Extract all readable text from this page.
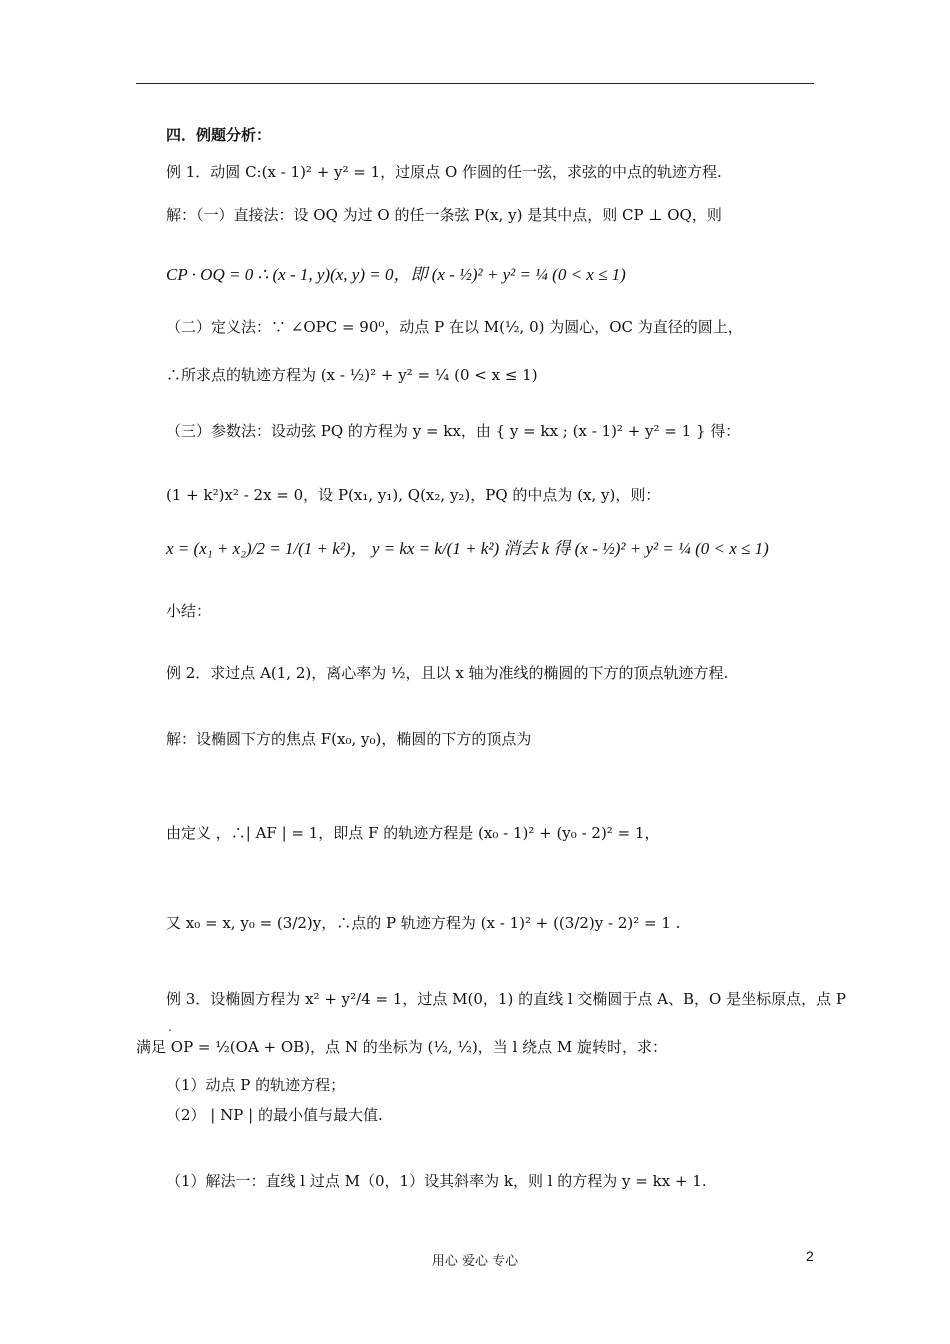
四．例题分析：
例 1．动圆 C:(x - 1)² + y² = 1，过原点 O 作圆的任一弦，求弦的中点的轨迹方程.
解：（一）直接法：设 OQ 为过 O 的任一条弦 P(x, y) 是其中点，则 CP ⊥ OQ，则
CP · OQ = 0 ∴ (x - 1, y)(x, y) = 0，即 (x - ½)² + y² = ¼ (0 < x ≤ 1)
（二）定义法：∵ ∠OPC = 90⁰，动点 P 在以 M(½, 0) 为圆心，OC 为直径的圆上，
∴所求点的轨迹方程为 (x - ½)² + y² = ¼ (0 < x ≤ 1)
（三）参数法：设动弦 PQ 的方程为 y = kx，由 { y = kx ; (x - 1)² + y² = 1 } 得：
(1 + k²)x² - 2x = 0，设 P(x₁, y₁), Q(x₂, y₂)，PQ 的中点为 (x, y)，则：
x = (x₁ + x₂)/2 = 1/(1 + k²)， y = kx = k/(1 + k²) 消去 k 得 (x - ½)² + y² = ¼ (0 < x ≤ 1)
小结：
例 2．求过点 A(1, 2)，离心率为 ½，且以 x 轴为准线的椭圆的下方的顶点轨迹方程.
解：设椭圆下方的焦点 F(x₀, y₀)，椭圆的下方的顶点为
由定义 ，∴| AF | = 1，即点 F 的轨迹方程是 (x₀ - 1)² + (y₀ - 2)² = 1，
又 x₀ = x, y₀ = (3/2)y，∴点的 P 轨迹方程为 (x - 1)² + ((3/2)y - 2)² = 1 .
例 3．设椭圆方程为 x² + y²/4 = 1，过点 M(0，1) 的直线 l 交椭圆于点 A、B，O 是坐标原点，点 P
.
满足 OP = ½(OA + OB)，点 N 的坐标为 (½, ½)，当 l 绕点 M 旋转时，求：
（1）动点 P 的轨迹方程；
（2） | NP | 的最小值与最大值.
（1）解法一：直线 l 过点 M（0，1）设其斜率为 k，则 l 的方程为 y = kx + 1.
用心 爱心 专心	2
